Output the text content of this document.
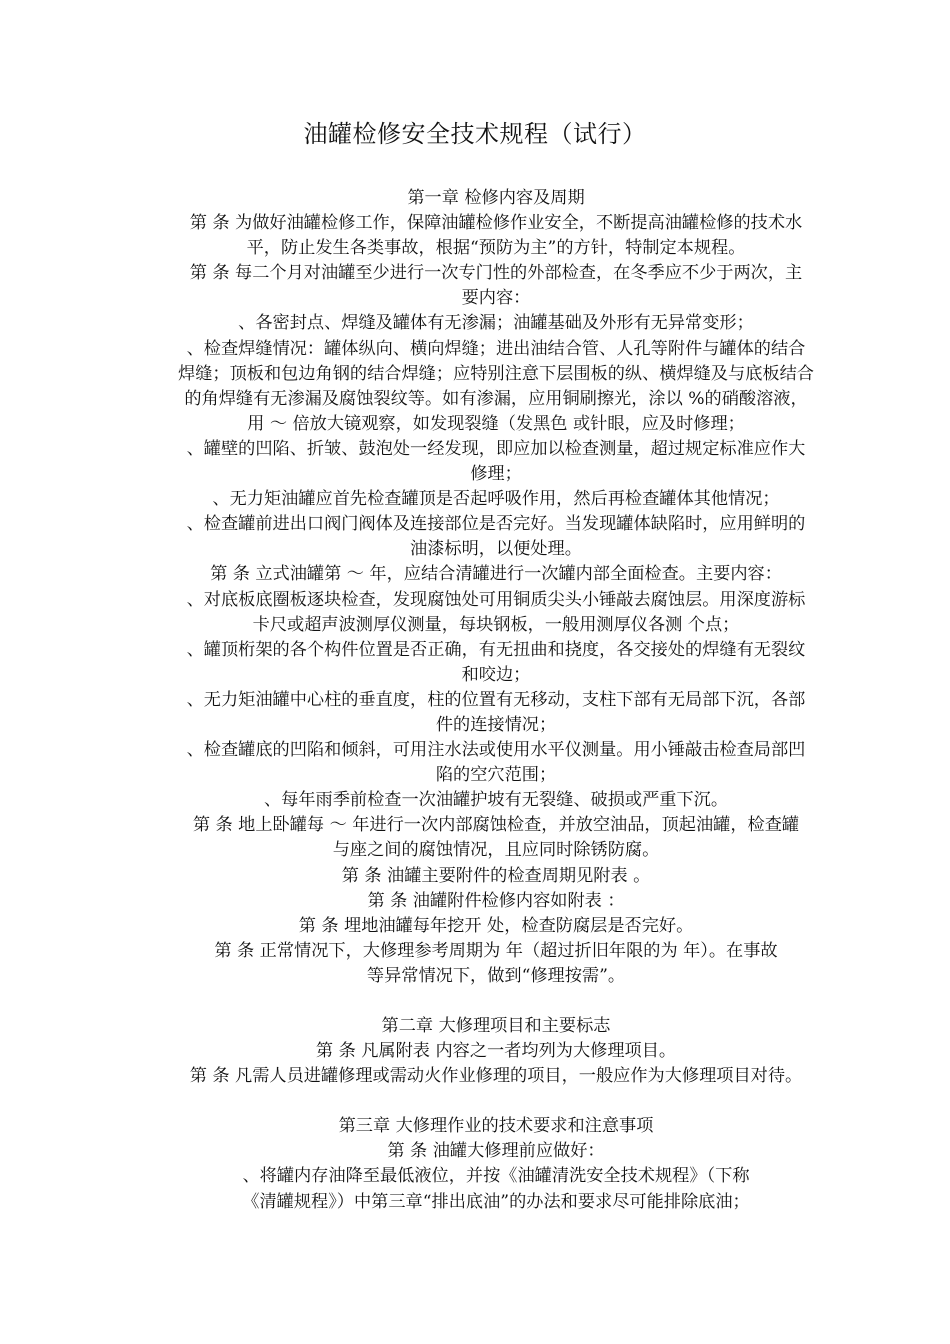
油罐检修安全技术规程（试行）
第一章 检修内容及周期
第 条 为做好油罐检修工作，保障油罐检修作业安全，不断提高油罐检修的技术水
平，防止发生各类事故，根据“预防为主”的方针，特制定本规程。
第 条 每二个月对油罐至少进行一次专门性的外部检查，在冬季应不少于两次，主
要内容：
、各密封点、焊缝及罐体有无渗漏；油罐基础及外形有无异常变形；
、检查焊缝情况：罐体纵向、横向焊缝；进出油结合管、人孔等附件与罐体的结合
焊缝；顶板和包边角钢的结合焊缝；应特别注意下层围板的纵、横焊缝及与底板结合
的角焊缝有无渗漏及腐蚀裂纹等。如有渗漏，应用铜刷擦光，涂以 %的硝酸溶液，
用 ～ 倍放大镜观察，如发现裂缝（发黑色 或针眼，应及时修理；
、罐壁的凹陷、折皱、鼓泡处一经发现，即应加以检查测量，超过规定标准应作大
修理；
、无力矩油罐应首先检查罐顶是否起呼吸作用，然后再检查罐体其他情况；
、检查罐前进出口阀门阀体及连接部位是否完好。当发现罐体缺陷时，应用鲜明的
油漆标明，以便处理。
第 条 立式油罐第 ～ 年，应结合清罐进行一次罐内部全面检查。主要内容：
、对底板底圈板逐块检查，发现腐蚀处可用铜质尖头小锤敲去腐蚀层。用深度游标
卡尺或超声波测厚仪测量，每块钢板，一般用测厚仪各测 个点；
、罐顶桁架的各个构件位置是否正确，有无扭曲和挠度，各交接处的焊缝有无裂纹
和咬边；
、无力矩油罐中心柱的垂直度，柱的位置有无移动，支柱下部有无局部下沉，各部
件的连接情况；
、检查罐底的凹陷和倾斜，可用注水法或使用水平仪测量。用小锤敲击检查局部凹
陷的空穴范围；
、每年雨季前检查一次油罐护坡有无裂缝、破损或严重下沉。
第 条 地上卧罐每 ～ 年进行一次内部腐蚀检查，并放空油品，顶起油罐，检查罐
与座之间的腐蚀情况，且应同时除锈防腐。
第 条 油罐主要附件的检查周期见附表 。
第 条 油罐附件检修内容如附表 ：
第 条 埋地油罐每年挖开 处，检查防腐层是否完好。
第 条 正常情况下，大修理参考周期为 年（超过折旧年限的为 年）。在事故
等异常情况下，做到“修理按需”。
第二章 大修理项目和主要标志
第 条 凡属附表 内容之一者均列为大修理项目。
第 条 凡需人员进罐修理或需动火作业修理的项目，一般应作为大修理项目对待。
第三章 大修理作业的技术要求和注意事项
第 条 油罐大修理前应做好：
、将罐内存油降至最低液位，并按《油罐清洗安全技术规程》（下称
《清罐规程》）中第三章“排出底油”的办法和要求尽可能排除底油；
